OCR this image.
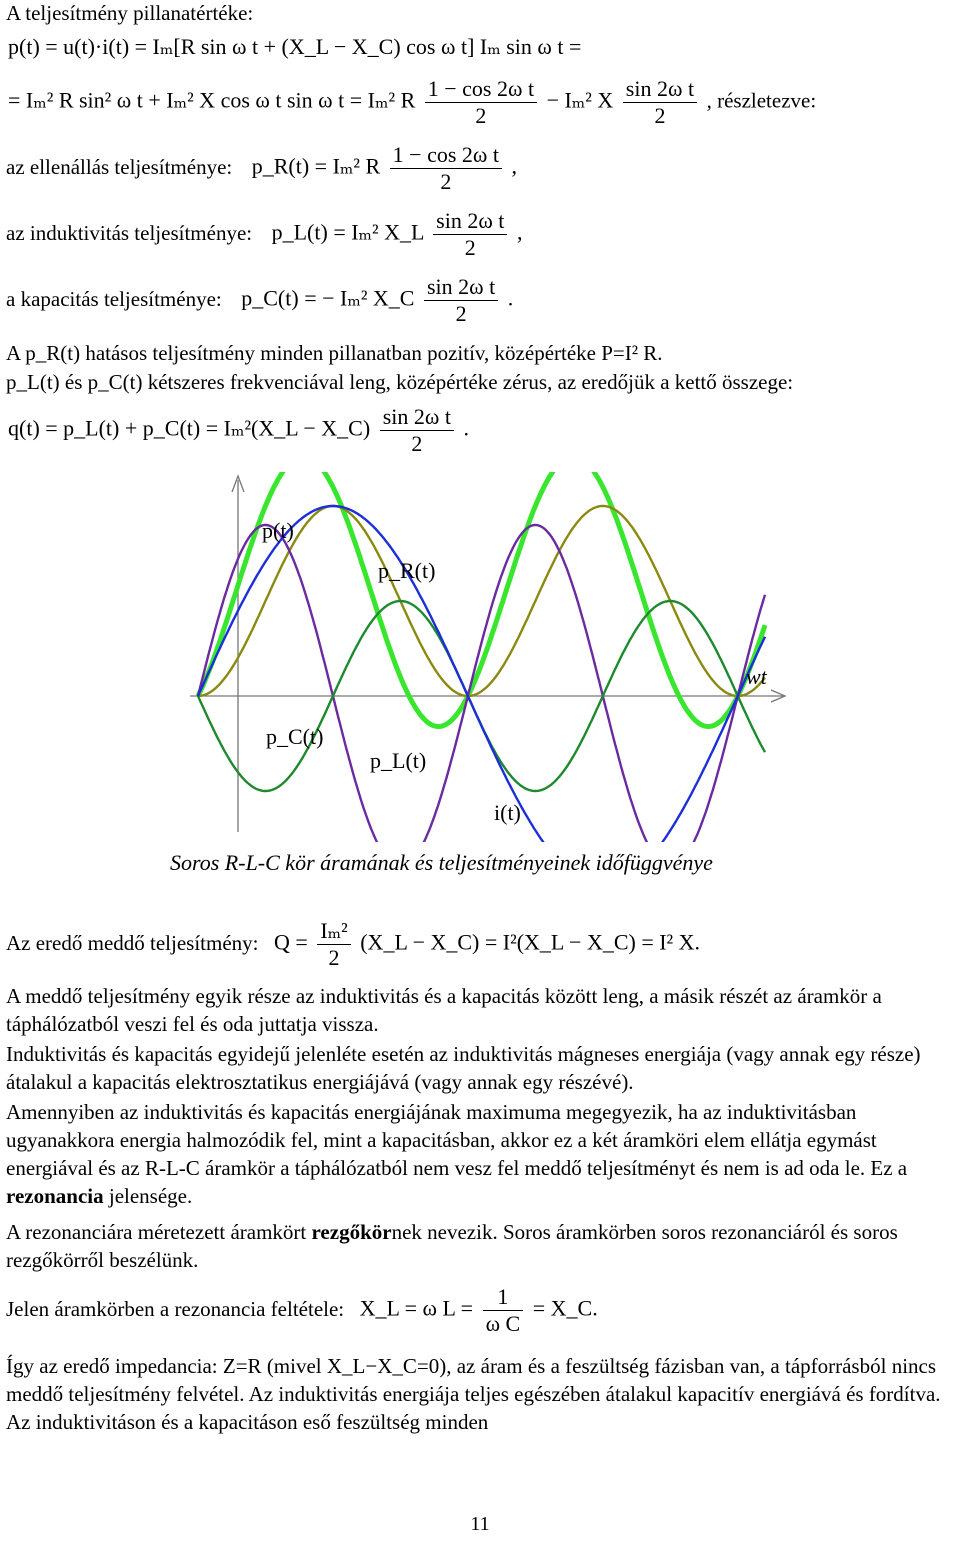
A teljesítmény pillanatértéke:
p(t) = u(t)·i(t) = Iₘ[R sin ω t + (X_L − X_C) cos ω t] Iₘ sin ω t =
= Iₘ² R sin² ω t + Iₘ² X cos ω t sin ω t = Iₘ² R $\frac{\text{1 − cos 2ω t}}{2} - I_m^2$ X $\frac{\text{sin 2ω t}}{2}$ , részletezve:
az ellenállás teljesítménye: p_R(t) = Iₘ² R $\frac{\text{1 − cos 2ω t}}{2}$ ,
az induktivitás teljesítménye: p_L(t) = Iₘ² X_L $\frac{\text{sin 2ω t}}{2}$ ,
a kapacitás teljesítménye: p_C(t) = − Iₘ² X_C $\frac{\text{sin 2ω t}}{2}$ .
A p_R(t) hatásos teljesítmény minden pillanatban pozitív, középértéke P=I² R.
p_L(t) és p_C(t) kétszeres frekvenciával leng, középértéke zérus, az eredőjük a kettő összege:
q(t) = p_L(t) + p_C(t) = Iₘ²(X_L − X_C) $\frac{\text{sin 2ω t}}{2}$ .
p(t)
p_R(t)
wt
p_C(t)
p_L(t)
i(t)
Soros R-L-C kör áramának és teljesítményeinek időfüggvénye
Az eredő meddő teljesítmény: $Q = \frac{\text{Iₘ²}}{2}$ (X_L − X_C) = I²(X_L − X_C) = I² X.
A meddő teljesítmény egyik része az induktivitás és a kapacitás között leng, a másik részét az áramkör a táphálózatból veszi fel és oda juttatja vissza.
Induktivitás és kapacitás egyidejű jelenléte esetén az induktivitás mágneses energiája (vagy annak egy része) átalakul a kapacitás elektrosztatikus energiájává (vagy annak egy részévé).
Amennyiben az induktivitás és kapacitás energiájának maximuma megegyezik, ha az induktivitásban ugyanakkora energia halmozódik fel, mint a kapacitásban, akkor ez a két áramköri elem ellátja egymást energiával és az R-L-C áramkör a táphálózatból nem vesz fel meddő teljesítményt és nem is ad oda le. Ez a rezonancia jelensége.
A rezonanciára méretezett áramkört rezgőkörnek nevezik. Soros áramkörben soros rezonanciáról és soros rezgőkörről beszélünk.
Jelen áramkörben a rezonancia feltétele: X_L = ω $L = \frac{1}{\text{ω C}}$ = X_C.
Így az eredő impedancia: Z=R (mivel X_L−X_C=0), az áram és a feszültség fázisban van, a tápforrásból nincs meddő teljesítmény felvétel. Az induktivitás energiája teljes egészében átalakul kapacitív energiává és fordítva. Az induktivitáson és a kapacitáson eső feszültség minden
11
